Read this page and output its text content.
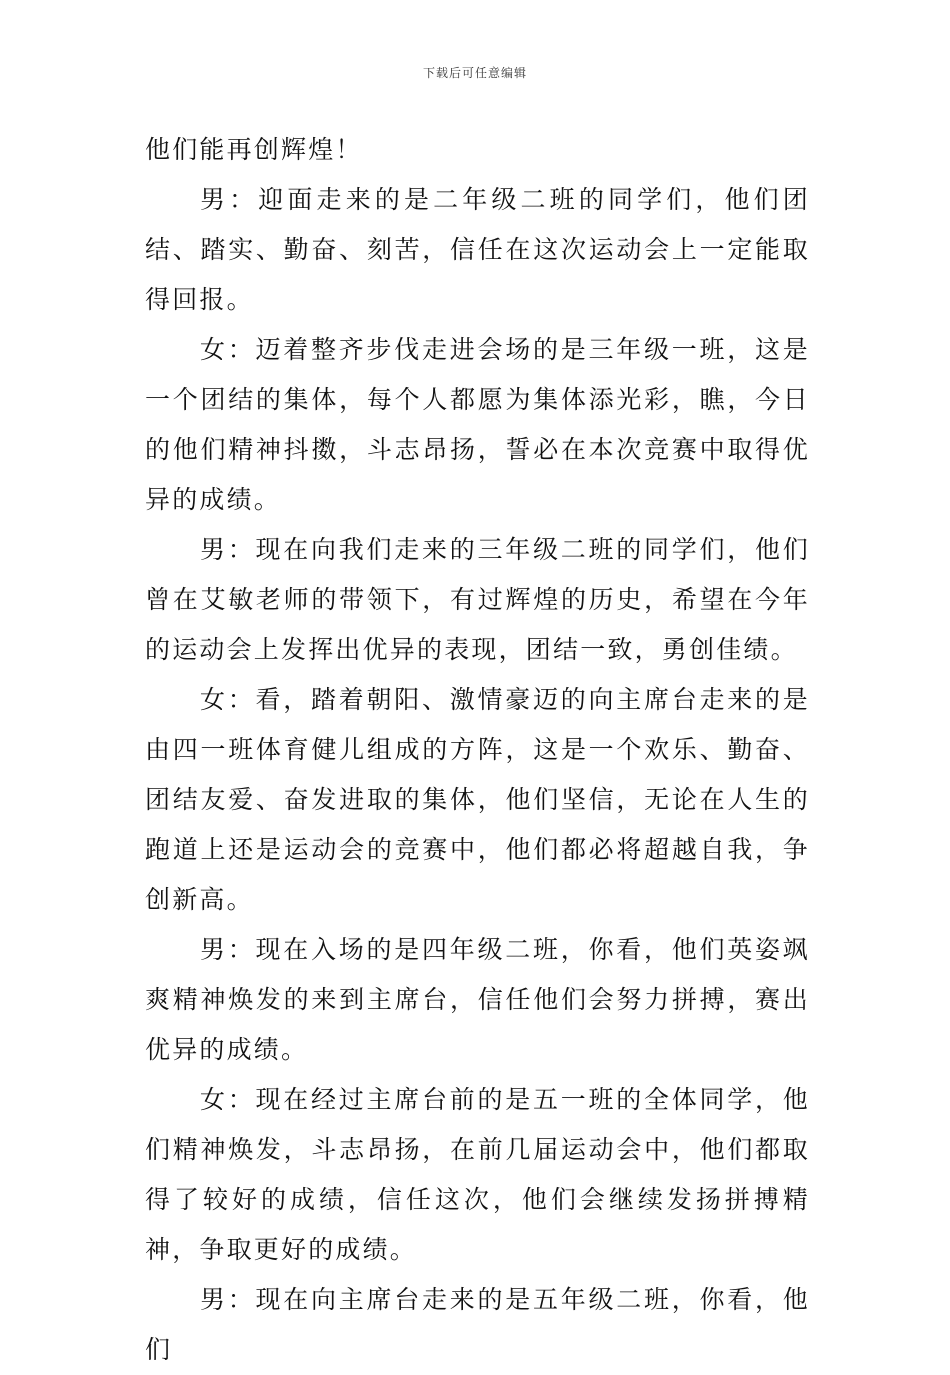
下载后可任意编辑

他们能再创辉煌！

男：迎面走来的是二年级二班的同学们，他们团结、踏实、勤奋、刻苦，信任在这次运动会上一定能取得回报。

女：迈着整齐步伐走进会场的是三年级一班，这是一个团结的集体，每个人都愿为集体添光彩，瞧，今日的他们精神抖擞，斗志昂扬，誓必在本次竞赛中取得优异的成绩。

男：现在向我们走来的三年级二班的同学们，他们曾在艾敏老师的带领下，有过辉煌的历史，希望在今年的运动会上发挥出优异的表现，团结一致，勇创佳绩。

女：看，踏着朝阳、激情豪迈的向主席台走来的是由四一班体育健儿组成的方阵，这是一个欢乐、勤奋、团结友爱、奋发进取的集体，他们坚信，无论在人生的跑道上还是运动会的竞赛中，他们都必将超越自我，争创新高。

男：现在入场的是四年级二班，你看，他们英姿飒爽精神焕发的来到主席台，信任他们会努力拼搏，赛出优异的成绩。

女：现在经过主席台前的是五一班的全体同学，他们精神焕发，斗志昂扬，在前几届运动会中，他们都取得了较好的成绩，信任这次，他们会继续发扬拼搏精神，争取更好的成绩。

男：现在向主席台走来的是五年级二班，你看，他们
